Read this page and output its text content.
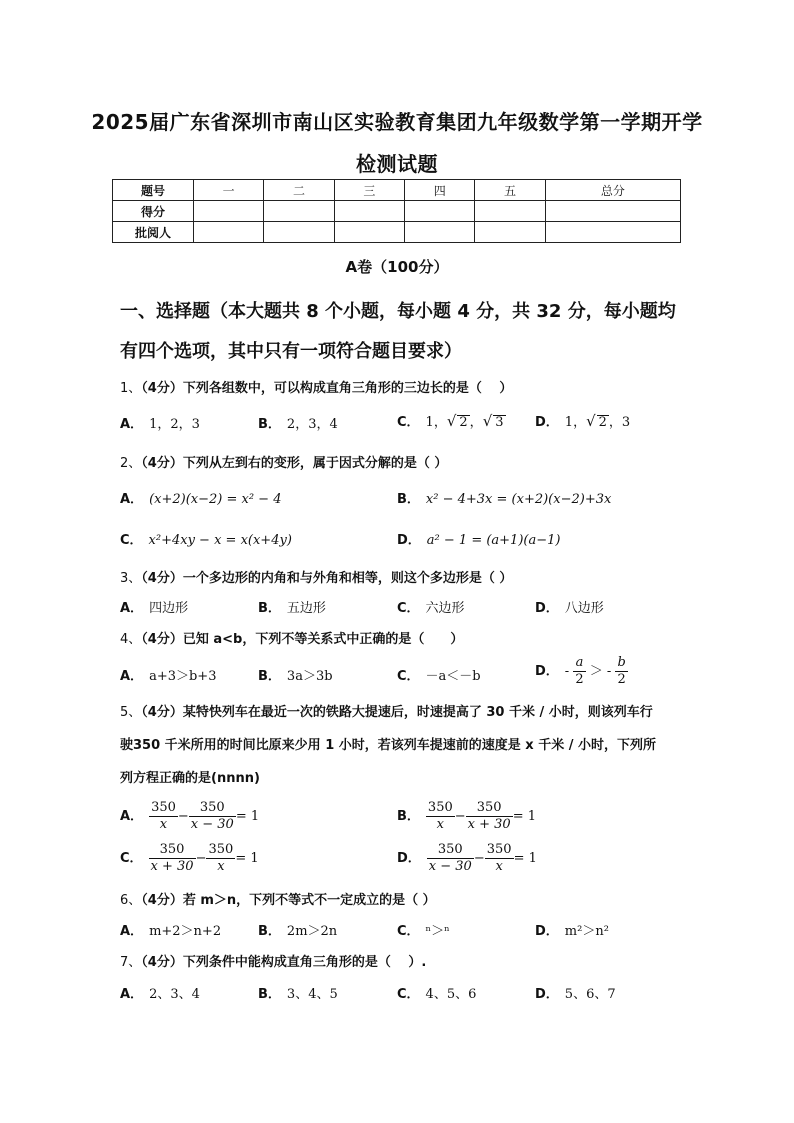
2025届广东省深圳市南山区实验教育集团九年级数学第一学期开学
检测试题
题号	一	二	三	四	五	总分
得分						
批阅人						
A卷（100分）
一、选择题（本大题共 8 个小题，每小题 4 分，共 32 分，每小题均
有四个选项，其中只有一项符合题目要求）
1、（4分）下列各组数中，可以构成直角三角形的三边长的是（　 ）
A． 1，2，3	B． 2，3，4	C． 1，√ 2 ，√ 3 D． 1，√ 2 ，3
2、（4分）下列从左到右的变形，属于因式分解的是（ ）
A． (x+2)(x−2) = x² − 4	B． x² − 4+3x = (x+2)(x−2)+3x
C． x²+4xy − x = x(x+4y)	D． a² − 1 = (a+1)(a−1)
3、（4分）一个多边形的内角和与外角和相等，则这个多边形是（ ）
A． 四边形	B． 五边形	C． 六边形	D． 八边形
4、（4分）已知 a<b，下列不等关系式中正确的是（　　）
A． a+3＞b+3	B． 3a＞3b	C． －a＜－b	D． - $\frac{a}{2}$ ＞ - $\frac{b}{2}$
5、（4分）某特快列车在最近一次的铁路大提速后，时速提高了 30 千米 / 小时，则该列车行
驶350 千米所用的时间比原来少用 1 小时，若该列车提速前的速度是 x 千米 / 小时，下列所
列方程正确的是(nnnn)
A． $\frac{350}{x} - \frac{350}{x - 30} = 1$	B． $\frac{350}{x} - \frac{350}{x + 30} = 1$
C． $\frac{350}{x + 30} - \frac{350}{x} = 1$	D． $\frac{350}{x - 30} - \frac{350}{x} = 1$
6、（4分）若 m＞n，下列不等式不一定成立的是（ ）
A． m+2＞n+2	B． 2m＞2n	C． ⁿ＞ⁿ	D． m²＞n²
7、（4分）下列条件中能构成直角三角形的是（　 ）.
A． 2、3、4	B． 3、4、5	C． 4、5、6	D． 5、6、7
